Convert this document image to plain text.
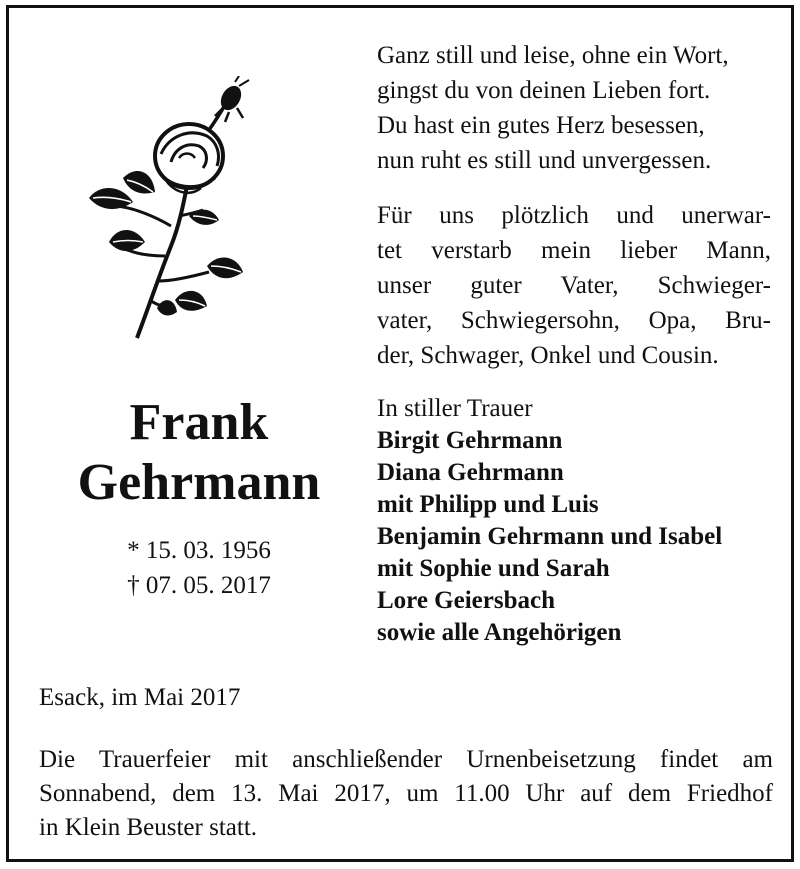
Ganz still und leise, ohne ein Wort,

gingst du von deinen Lieben fort.

Du hast ein gutes Herz besessen,

nun ruht es still und unvergessen.

Für uns plötzlich und unerwar-
tet verstarb mein lieber Mann,
unser guter Vater, Schwieger-
vater, Schwiegersohn, Opa, Bru-
der, Schwager, Onkel und Cousin.
Frank
Gehrmann
* 15. 03. 1956
† 07. 05. 2017
In stiller Trauer
Birgit Gehrmann
Diana Gehrmann
mit Philipp und Luis
Benjamin Gehrmann und Isabel
mit Sophie und Sarah
Lore Geiersbach
sowie alle Angehörigen
Esack, im Mai 2017
Die Trauerfeier mit anschließender Urnenbeisetzung findet am
Sonnabend, dem 13. Mai 2017, um 11.00 Uhr auf dem Friedhof
in Klein Beuster statt.
